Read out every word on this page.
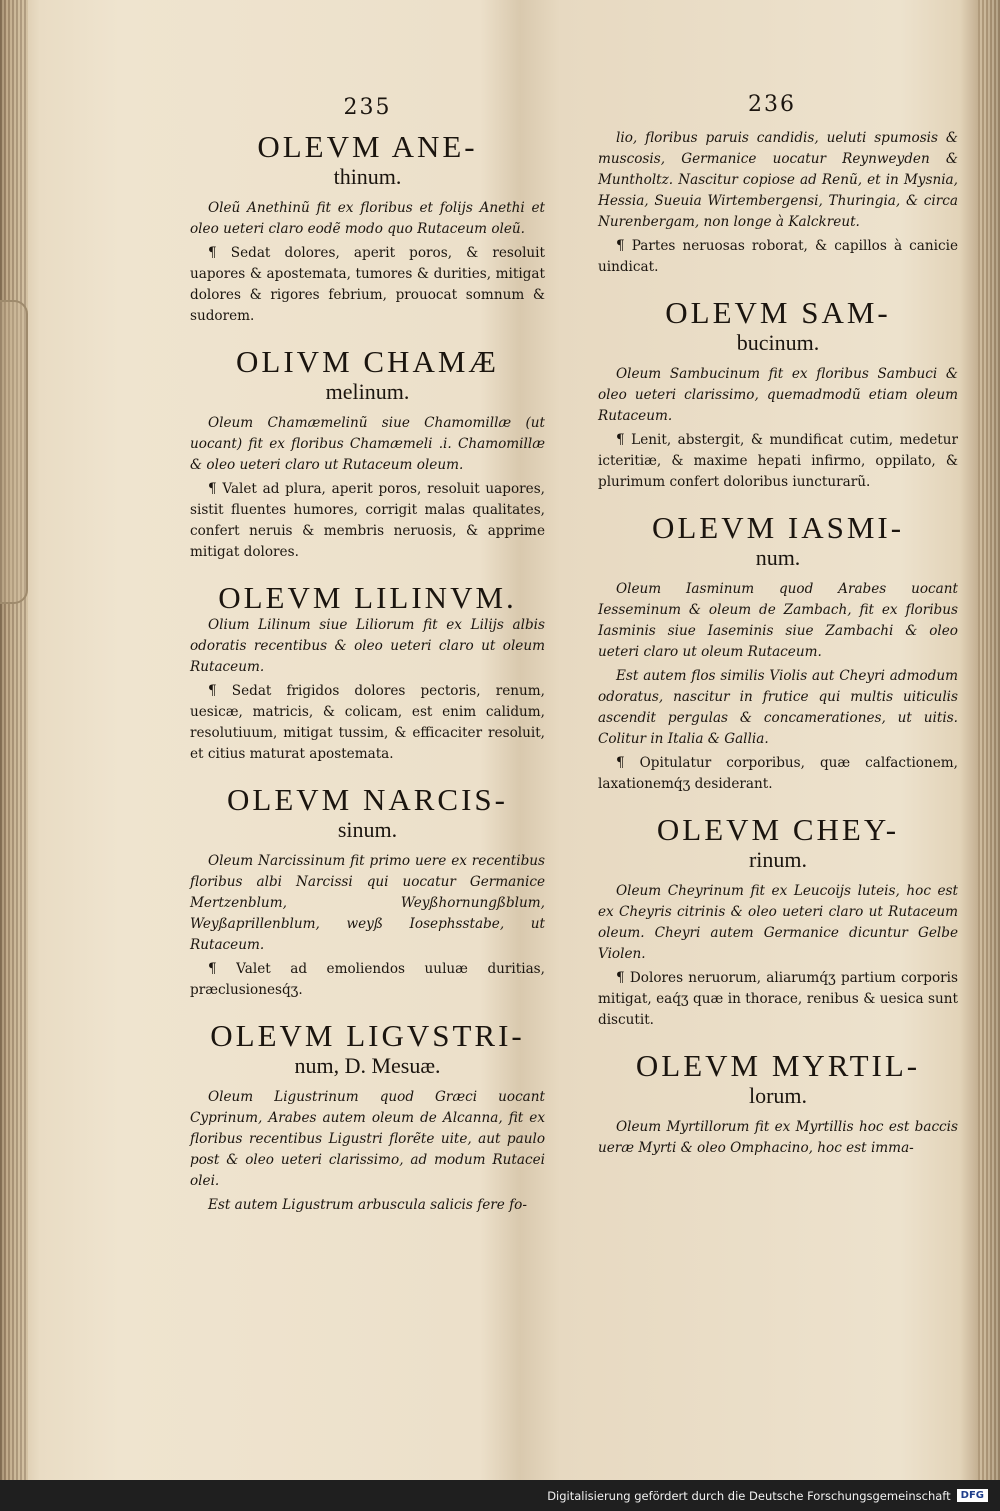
235
OLEVM ANE-
thinum.

Oleũ Anethinũ fit ex floribus et folijs Anethi et oleo ueteri claro eodẽ modo quo Rutaceum oleũ.

¶ Sedat dolores, aperit poros, & resoluit uapores & apostemata, tumores & durities, mitigat dolores & rigores febrium, prouocat somnum & sudorem.

OLIVM CHAMÆ
melinum.

Oleum Chamæmelinũ siue Chamomillæ (ut uocant) fit ex floribus Chamæmeli .i. Chamomillæ & oleo ueteri claro ut Rutaceum oleum.

¶ Valet ad plura, aperit poros, resoluit uapores, sistit fluentes humores, corrigit malas qualitates, confert neruis & membris neruosis, & apprime mitigat dolores.

OLEVM LILINVM.

Olium Lilinum siue Liliorum fit ex Lilijs albis odoratis recentibus & oleo ueteri claro ut oleum Rutaceum.

¶ Sedat frigidos dolores pectoris, renum, uesicæ, matricis, & colicam, est enim calidum, resolutiuum, mitigat tussim, & efficaciter resoluit, et citius maturat apostemata.

OLEVM NARCIS-
sinum.

Oleum Narcissinum fit primo uere ex recentibus floribus albi Narcissi qui uocatur Germanice Mertzenblum, Weyßhornungßblum, Weyßaprillenblum, weyß Iosephsstabe, ut Rutaceum.

¶ Valet ad emoliendos uuluæ duritias, præclusionesq́ʒ.

OLEVM LIGVSTRI-
num, D. Mesuæ.

Oleum Ligustrinum quod Græci uocant Cyprinum, Arabes autem oleum de Alcanna, fit ex floribus recentibus Ligustri florẽte uite, aut paulo post & oleo ueteri clarissimo, ad modum Rutacei olei.

Est autem Ligustrum arbuscula salicis fere fo-

236

lio, floribus paruis candidis, ueluti spumosis & muscosis, Germanice uocatur Reynweyden & Muntholtz. Nascitur copiose ad Renũ, et in Mysnia, Hessia, Sueuia Wirtembergensi, Thuringia, & circa Nurenbergam, non longe à Kalckreut.

¶ Partes neruosas roborat, & capillos à canicie uindicat.

OLEVM SAM-
bucinum.

Oleum Sambucinum fit ex floribus Sambuci & oleo ueteri clarissimo, quemadmodũ etiam oleum Rutaceum.

¶ Lenit, abstergit, & mundificat cutim, medetur icteritiæ, & maxime hepati infirmo, oppilato, & plurimum confert doloribus iuncturarũ.

OLEVM IASMI-
num.

Oleum Iasminum quod Arabes uocant Iesseminum & oleum de Zambach, fit ex floribus Iasminis siue Iaseminis siue Zambachi & oleo ueteri claro ut oleum Rutaceum.

Est autem flos similis Violis aut Cheyri admodum odoratus, nascitur in frutice qui multis uiticulis ascendit pergulas & concamerationes, ut uitis. Colitur in Italia & Gallia.

¶ Opitulatur corporibus, quæ calfactionem, laxationemq́ʒ desiderant.

OLEVM CHEY-
rinum.

Oleum Cheyrinum fit ex Leucoijs luteis, hoc est ex Cheyris citrinis & oleo ueteri claro ut Rutaceum oleum. Cheyri autem Germanice dicuntur Gelbe Violen.

¶ Dolores neruorum, aliarumq́ʒ partium corporis mitigat, eaq́ʒ quæ in thorace, renibus & uesica sunt discutit.

OLEVM MYRTIL-
lorum.

Oleum Myrtillorum fit ex Myrtillis hoc est baccis ueræ Myrti & oleo Omphacino, hoc est imma-

Digitalisierung gefördert durch die Deutsche Forschungsgemeinschaft	DFG
